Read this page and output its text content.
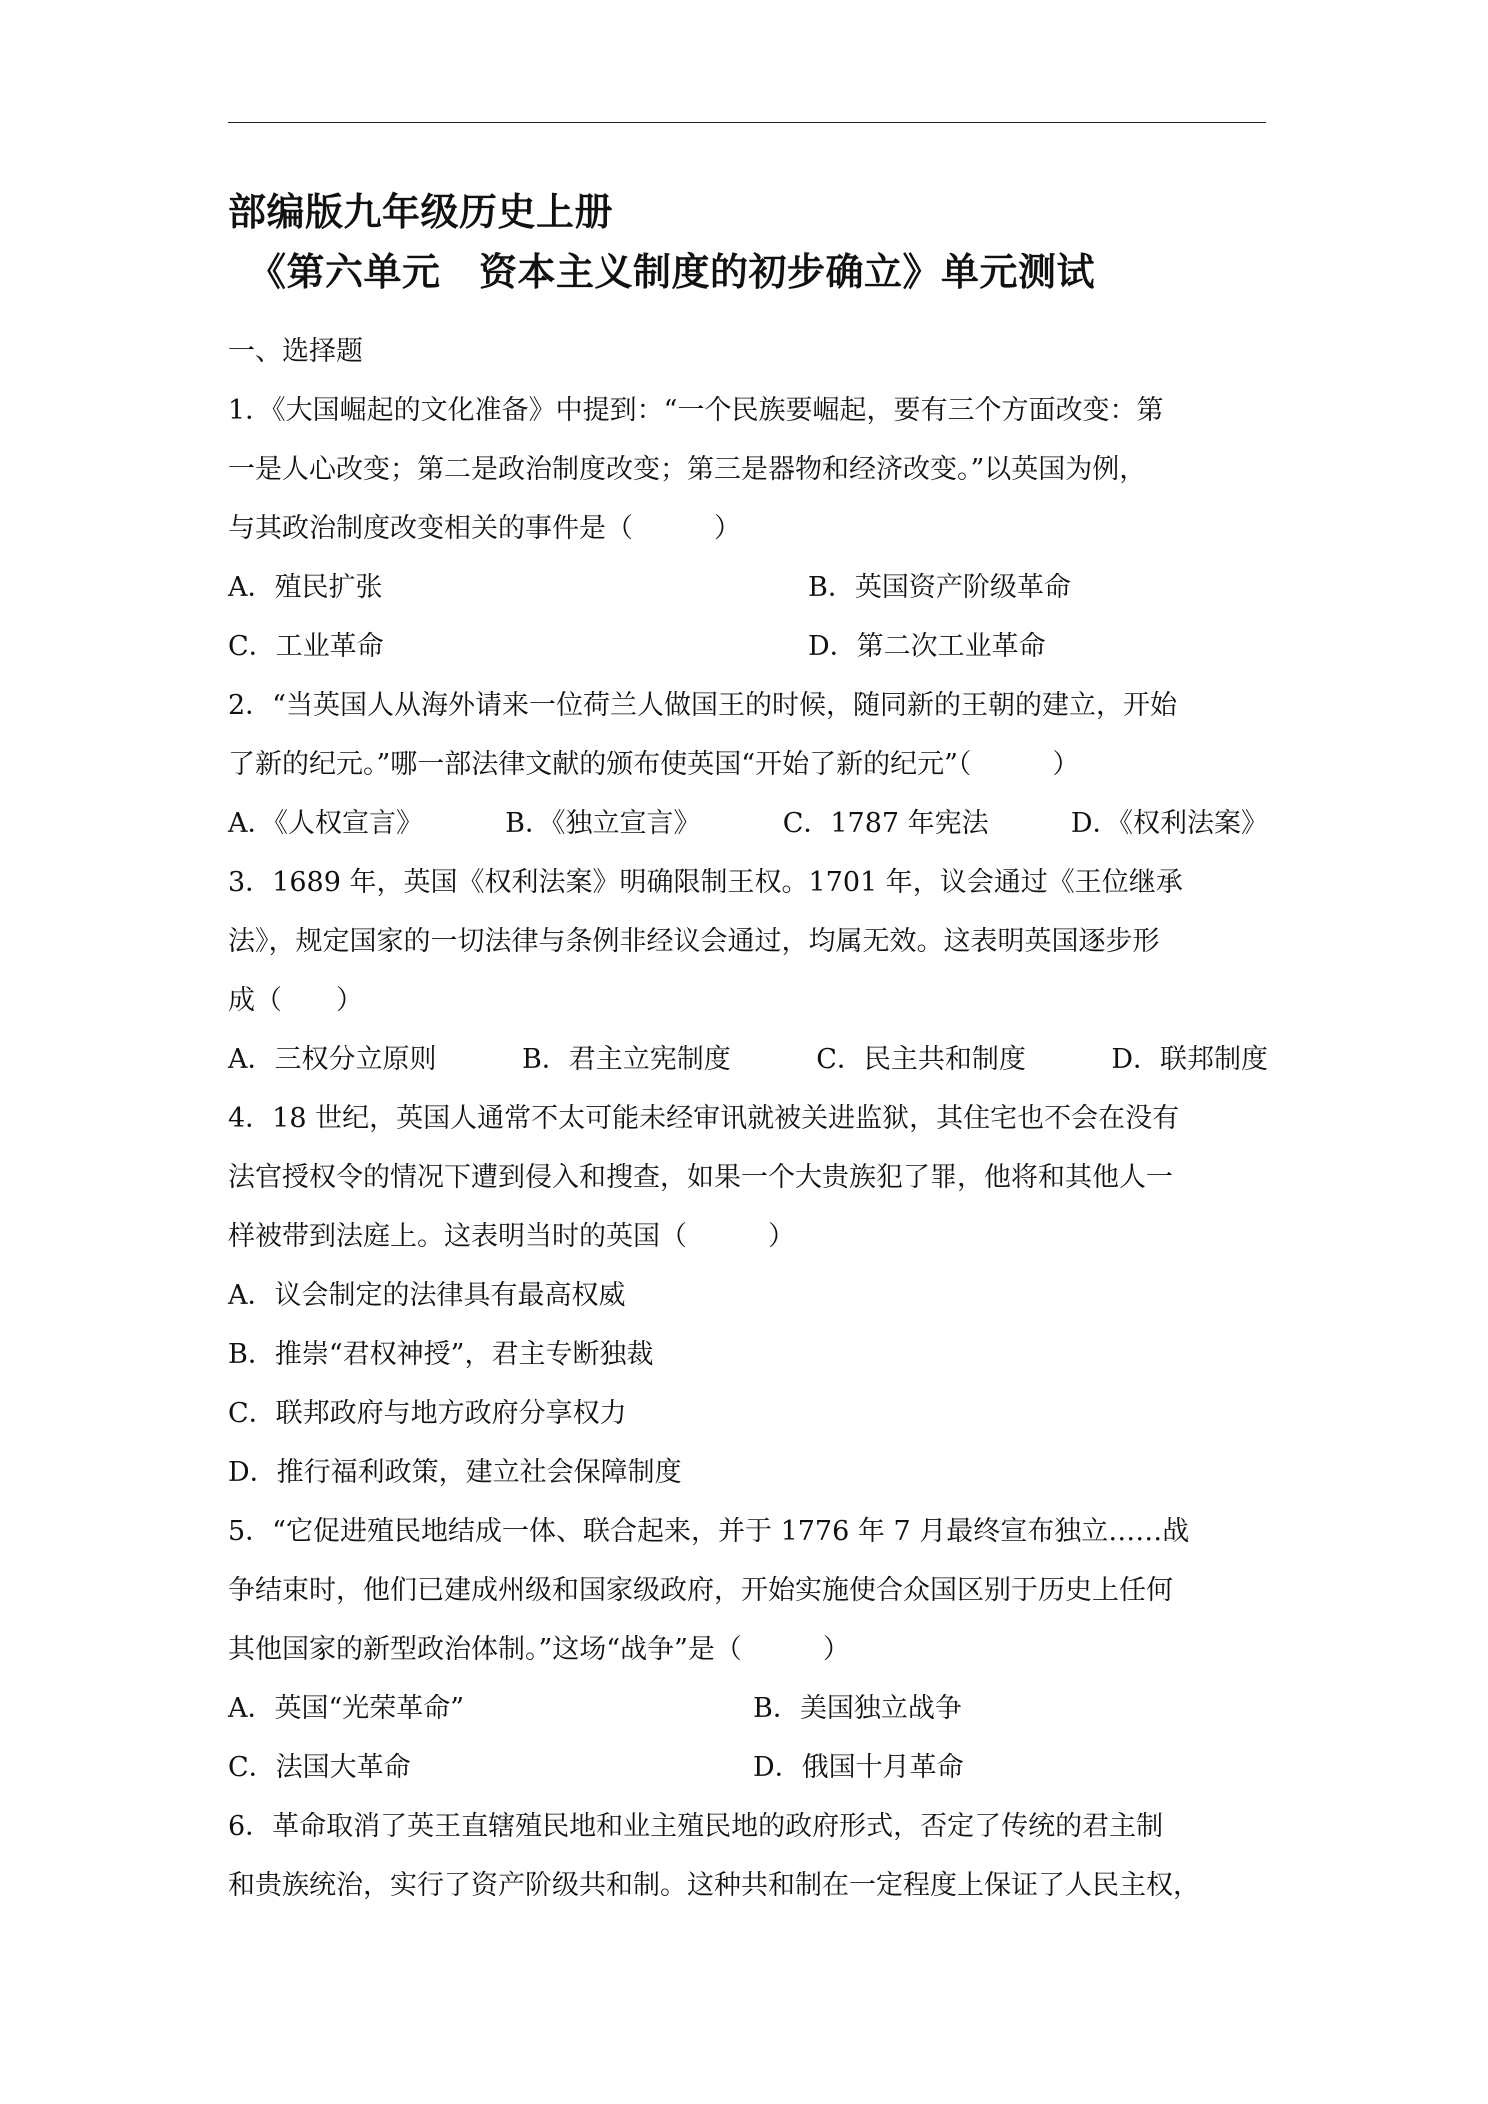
部编版九年级历史上册
《第六单元　资本主义制度的初步确立》单元测试
一、选择题

1．《大国崛起的文化准备》中提到：“一个民族要崛起，要有三个方面改变：第

一是人心改变；第二是政治制度改变；第三是器物和经济改变。”以英国为例，

与其政治制度改变相关的事件是（　　　）

A．殖民扩张	B．英国资产阶级革命
C．工业革命	D．第二次工业革命

2．“当英国人从海外请来一位荷兰人做国王的时候，随同新的王朝的建立，开始

了新的纪元。”哪一部法律文献的颁布使英国“开始了新的纪元”（　　　）

A．《人权宣言》	B．《独立宣言》	C．1787 年宪法	D．《权利法案》

3．1689 年，英国《权利法案》明确限制王权。1701 年，议会通过《王位继承

法》，规定国家的一切法律与条例非经议会通过，均属无效。这表明英国逐步形

成（　　）

A．三权分立原则	B．君主立宪制度	C．民主共和制度	D．联邦制度

4．18 世纪，英国人通常不太可能未经审讯就被关进监狱，其住宅也不会在没有

法官授权令的情况下遭到侵入和搜查，如果一个大贵族犯了罪，他将和其他人一

样被带到法庭上。这表明当时的英国（　　　）

A．议会制定的法律具有最高权威
B．推崇“君权神授”，君主专断独裁
C．联邦政府与地方政府分享权力
D．推行福利政策，建立社会保障制度

5．“它促进殖民地结成一体、联合起来，并于 1776 年 7 月最终宣布独立……战

争结束时，他们已建成州级和国家级政府，开始实施使合众国区别于历史上任何

其他国家的新型政治体制。”这场“战争”是（　　　）

A．英国“光荣革命”	B．美国独立战争
C．法国大革命	D．俄国十月革命

6．革命取消了英王直辖殖民地和业主殖民地的政府形式，否定了传统的君主制

和贵族统治，实行了资产阶级共和制。这种共和制在一定程度上保证了人民主权，
